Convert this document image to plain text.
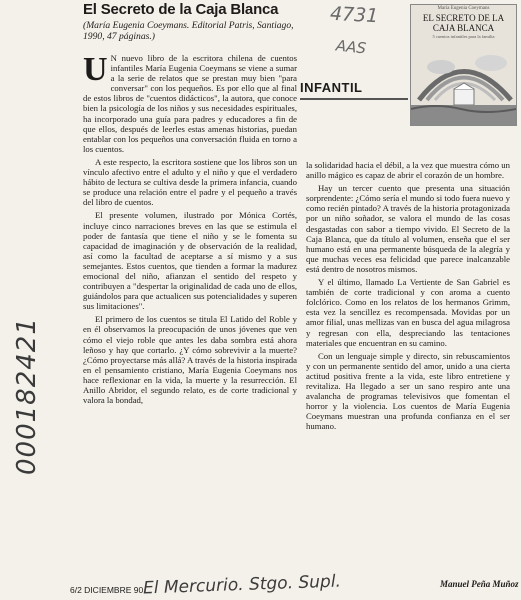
El Secreto de la Caja Blanca
(María Eugenia Coeymans. Editorial Patris, Santiago, 1990, 47 páginas.)
INFANTIL
María Eugenia Coeymans
EL SECRETO DE LA CAJA BLANCA
5 cuentos infantiles para la familia
4731
AAS
000182421

U N nuevo libro de la escritora chilena de cuentos infantiles María Eugenia Coeymans se viene a sumar a la serie de relatos que se prestan muy bien "para conversar" con los pequeños. Es por ello que al final de estos libros de "cuentos didácticos", la autora, que conoce bien la psicología de los niños y sus necesidades espirituales, ha incorporado una guía para padres y educadores a fin de que ellos, después de leerles estas amenas historias, puedan entablar con los pequeños una conversación fluida en torno a los cuentos.

A este respecto, la escritora sostiene que los libros son un vínculo afectivo entre el adulto y el niño y que el verdadero hábito de lectura se cultiva desde la primera infancia, cuando se produce una relación entre el padre y el pequeño a través del libro de cuentos.

El presente volumen, ilustrado por Mónica Cortés, incluye cinco narraciones breves en las que se estimula el poder de fantasía que tiene el niño y se le fomenta su capacidad de imaginación y de observación de la realidad, así como la facultad de aceptarse a sí mismo y a sus semejantes. Estos cuentos, que tienden a formar la madurez emocional del niño, afianzan el sentido del respeto y contribuyen a "despertar la originalidad de cada uno de ellos, guiándolos para que actualicen sus potencialidades y superen sus limitaciones".

El primero de los cuentos se titula El Latido del Roble y en él observamos la preocupación de unos jóvenes que ven cómo el viejo roble que antes les daba sombra está ahora leñoso y hay que cortarlo. ¿Y cómo sobrevivir a la muerte? ¿Cómo proyectarse más allá? A través de la historia inspirada en el pensamiento cristiano, María Eugenia Coeymans nos hace reflexionar en la vida, la muerte y la resurrección. El Anillo Abridor, el segundo relato, es de corte tradicional y valora la bondad,

la solidaridad hacia el débil, a la vez que muestra cómo un anillo mágico es capaz de abrir el corazón de un hombre.

Hay un tercer cuento que presenta una situación sorprendente: ¿Cómo sería el mundo si todo fuera nuevo y como recién pintado? A través de la historia protagonizada por un niño soñador, se valora el mundo de las cosas desgastadas con sabor a tiempo vivido. El Secreto de la Caja Blanca, que da título al volumen, enseña que el ser humano está en una permanente búsqueda de la alegría y que muchas veces esa felicidad que parece inalcanzable está dentro de nosotros mismos.

Y el último, llamado La Vertiente de San Gabriel es también de corte tradicional y con aroma a cuento folclórico. Como en los relatos de los hermanos Grimm, esta vez la sencillez es recompensada. Movidas por un amor filial, unas mellizas van en busca del agua milagrosa y regresan con ella, despreciando las tentaciones materiales que encuentran en su camino.

Con un lenguaje simple y directo, sin rebuscamientos y con un permanente sentido del amor, unido a una cierta actitud positiva frente a la vida, este libro entretiene y revitaliza. Ha llegado a ser un sano respiro ante una avalancha de programas televisivos que fomentan el horror y la violencia. Los cuentos de María Eugenia Coeymans muestran una profunda confianza en el ser humano.

Manuel Peña Muñoz
6/2 DICIEMBRE 90 El Mercurio. Stgo. Supl.
